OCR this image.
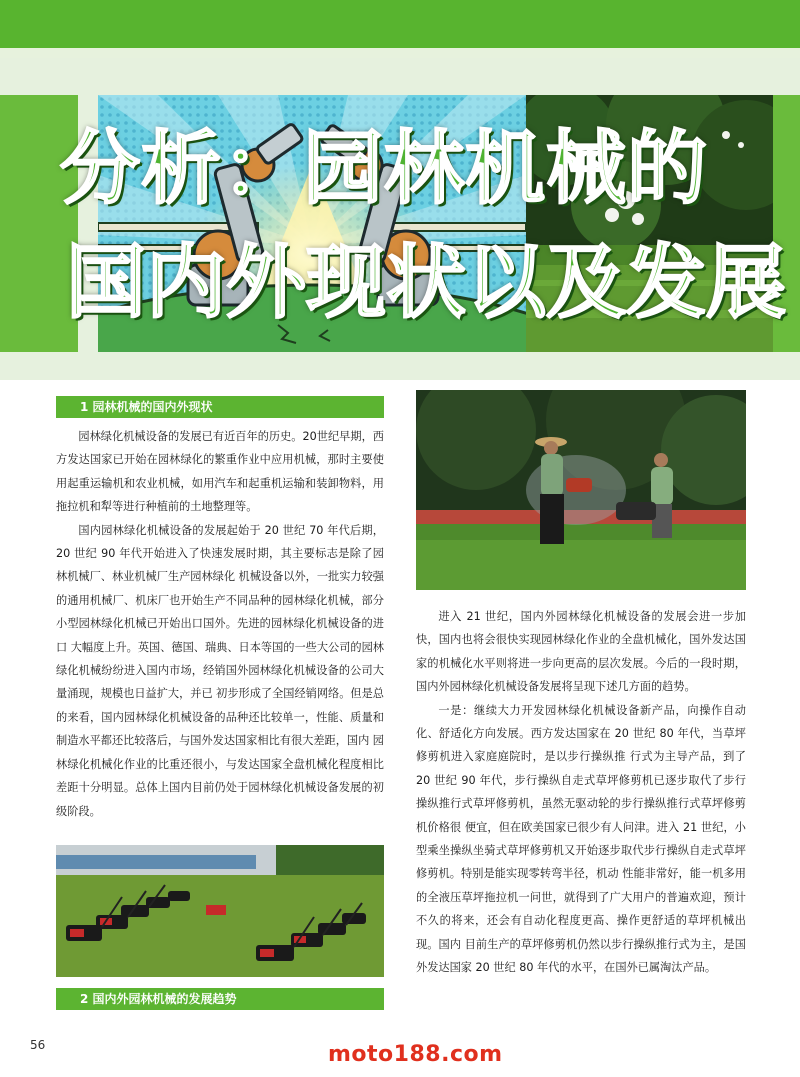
分析：园林机械的
国内外现状以及发展
1 园林机械的国内外现状

园林绿化机械设备的发展已有近百年的历史。20世纪早期，西方发达国家已开始在园林绿化的繁重作业中应用机械，那时主要使用起重运输机和农业机械，如用汽车和起重机运输和装卸物料，用拖拉机和犁等进行种植前的土地整理等。

国内园林绿化机械设备的发展起始于 20 世纪 70 年代后期，20 世纪 90 年代开始进入了快速发展时期，其主要标志是除了园林机械厂、林业机械厂生产园林绿化 机械设备以外，一批实力较强的通用机械厂、机床厂也开始生产不同品种的园林绿化机械，部分小型园林绿化机械已开始出口国外。先进的园林绿化机械设备的进口 大幅度上升。英国、德国、瑞典、日本等国的一些大公司的园林绿化机械纷纷进入国内市场，经销国外园林绿化机械设备的公司大量涌现，规模也日益扩大，并已 初步形成了全国经销网络。但是总的来看，国内园林绿化机械设备的品种还比较单一，性能、质量和制造水平都还比较落后，与国外发达国家相比有很大差距，国内 园林绿化机械化作业的比重还很小，与发达国家全盘机械化程度相比差距十分明显。总体上国内目前仍处于园林绿化机械设备发展的初级阶段。

2 国内外园林机械的发展趋势

进入 21 世纪，国内外园林绿化机械设备的发展会进一步加快，国内也将会很快实现园林绿化作业的全盘机械化，国外发达国家的机械化水平则将进一步向更高的层次发展。今后的一段时期，国内外园林绿化机械设备发展将呈现下述几方面的趋势。

一是：继续大力开发园林绿化机械设备新产品，向操作自动化、舒适化方向发展。西方发达国家在 20 世纪 80 年代，当草坪修剪机进入家庭庭院时，是以步行操纵推 行式为主导产品，到了 20 世纪 90 年代，步行操纵自走式草坪修剪机已逐步取代了步行操纵推行式草坪修剪机，虽然无驱动轮的步行操纵推行式草坪修剪机价格很 便宜，但在欧美国家已很少有人问津。进入 21 世纪，小型乘坐操纵坐骑式草坪修剪机又开始逐步取代步行操纵自走式草坪修剪机。特别是能实现零转弯半径，机动 性能非常好，能一机多用的全液压草坪拖拉机一问世，就得到了广大用户的普遍欢迎，预计不久的将来，还会有自动化程度更高、操作更舒适的草坪机械出现。国内 目前生产的草坪修剪机仍然以步行操纵推行式为主，是国外发达国家 20 世纪 80 年代的水平，在国外已属淘汰产品。

56	moto188.com
